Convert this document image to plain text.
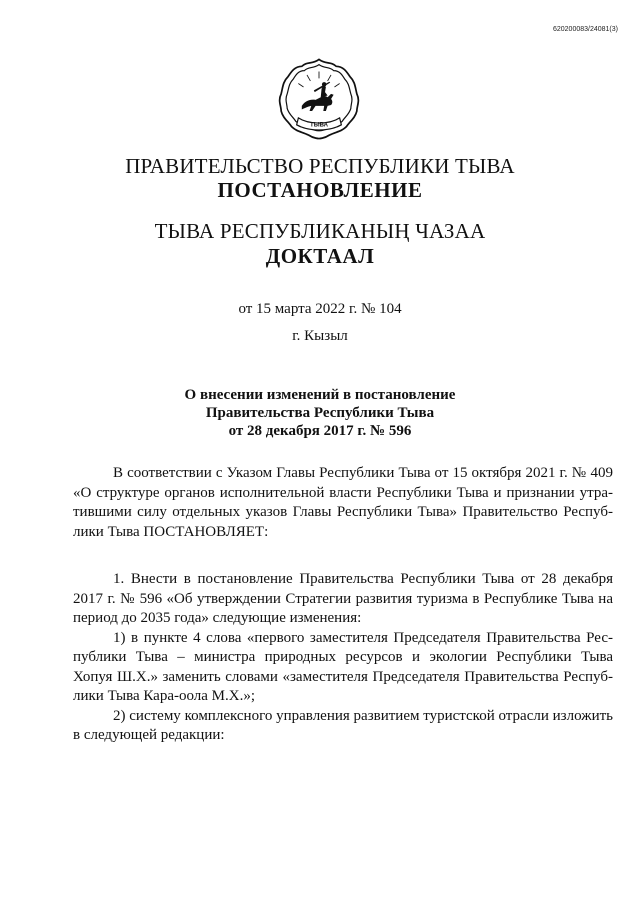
620200083/24081(3)
ТЫВА
ПРАВИТЕЛЬСТВО РЕСПУБЛИКИ ТЫВА
ПОСТАНОВЛЕНИЕ
ТЫВА РЕСПУБЛИКАНЫҢ ЧАЗАА
ДОКТААЛ
от 15 марта 2022 г. № 104
г. Кызыл
О внесении изменений в постановление
Правительства Республики Тыва
от 28 декабря 2017 г. № 596
В соответствии с Указом Главы Республики Тыва от 15 октября 2021 г. № 409
«О структуре органов исполнительной власти Республики Тыва и признании утра-
тившими силу отдельных указов Главы Республики Тыва» Правительство Респуб-
лики Тыва ПОСТАНОВЛЯЕТ:
1. Внести в постановление Правительства Республики Тыва от 28 декабря
2017 г. № 596 «Об утверждении Стратегии развития туризма в Республике Тыва на
период до 2035 года» следующие изменения:
1) в пункте 4 слова «первого заместителя Председателя Правительства Рес-
публики Тыва – министра природных ресурсов и экологии Республики Тыва
Хопуя Ш.Х.» заменить словами «заместителя Председателя Правительства Респуб-
лики Тыва Кара-оола М.Х.»;
2) систему комплексного управления развитием туристской отрасли изложить
в следующей редакции:
